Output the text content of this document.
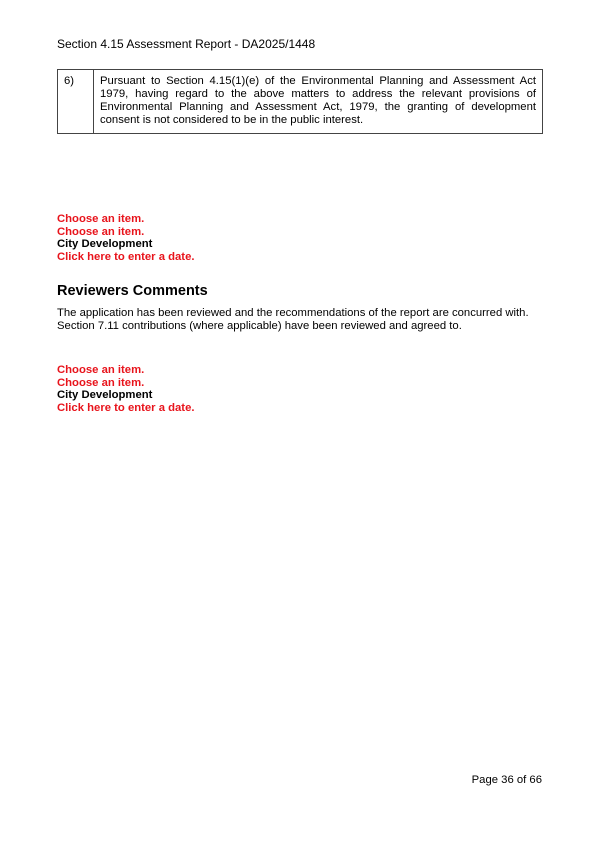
Section 4.15 Assessment Report - DA2025/1448
6)	Pursuant to Section 4.15(1)(e) of the Environmental Planning and Assessment Act 1979, having regard to the above matters to address the relevant provisions of Environmental Planning and Assessment Act, 1979, the granting of development consent is not considered to be in the public interest.
Choose an item.
Choose an item.
City Development
Click here to enter a date.
Reviewers Comments
The application has been reviewed and the recommendations of the report are concurred with.
Section 7.11 contributions (where applicable) have been reviewed and agreed to.
Choose an item.
Choose an item.
City Development
Click here to enter a date.
Page 36 of 66
